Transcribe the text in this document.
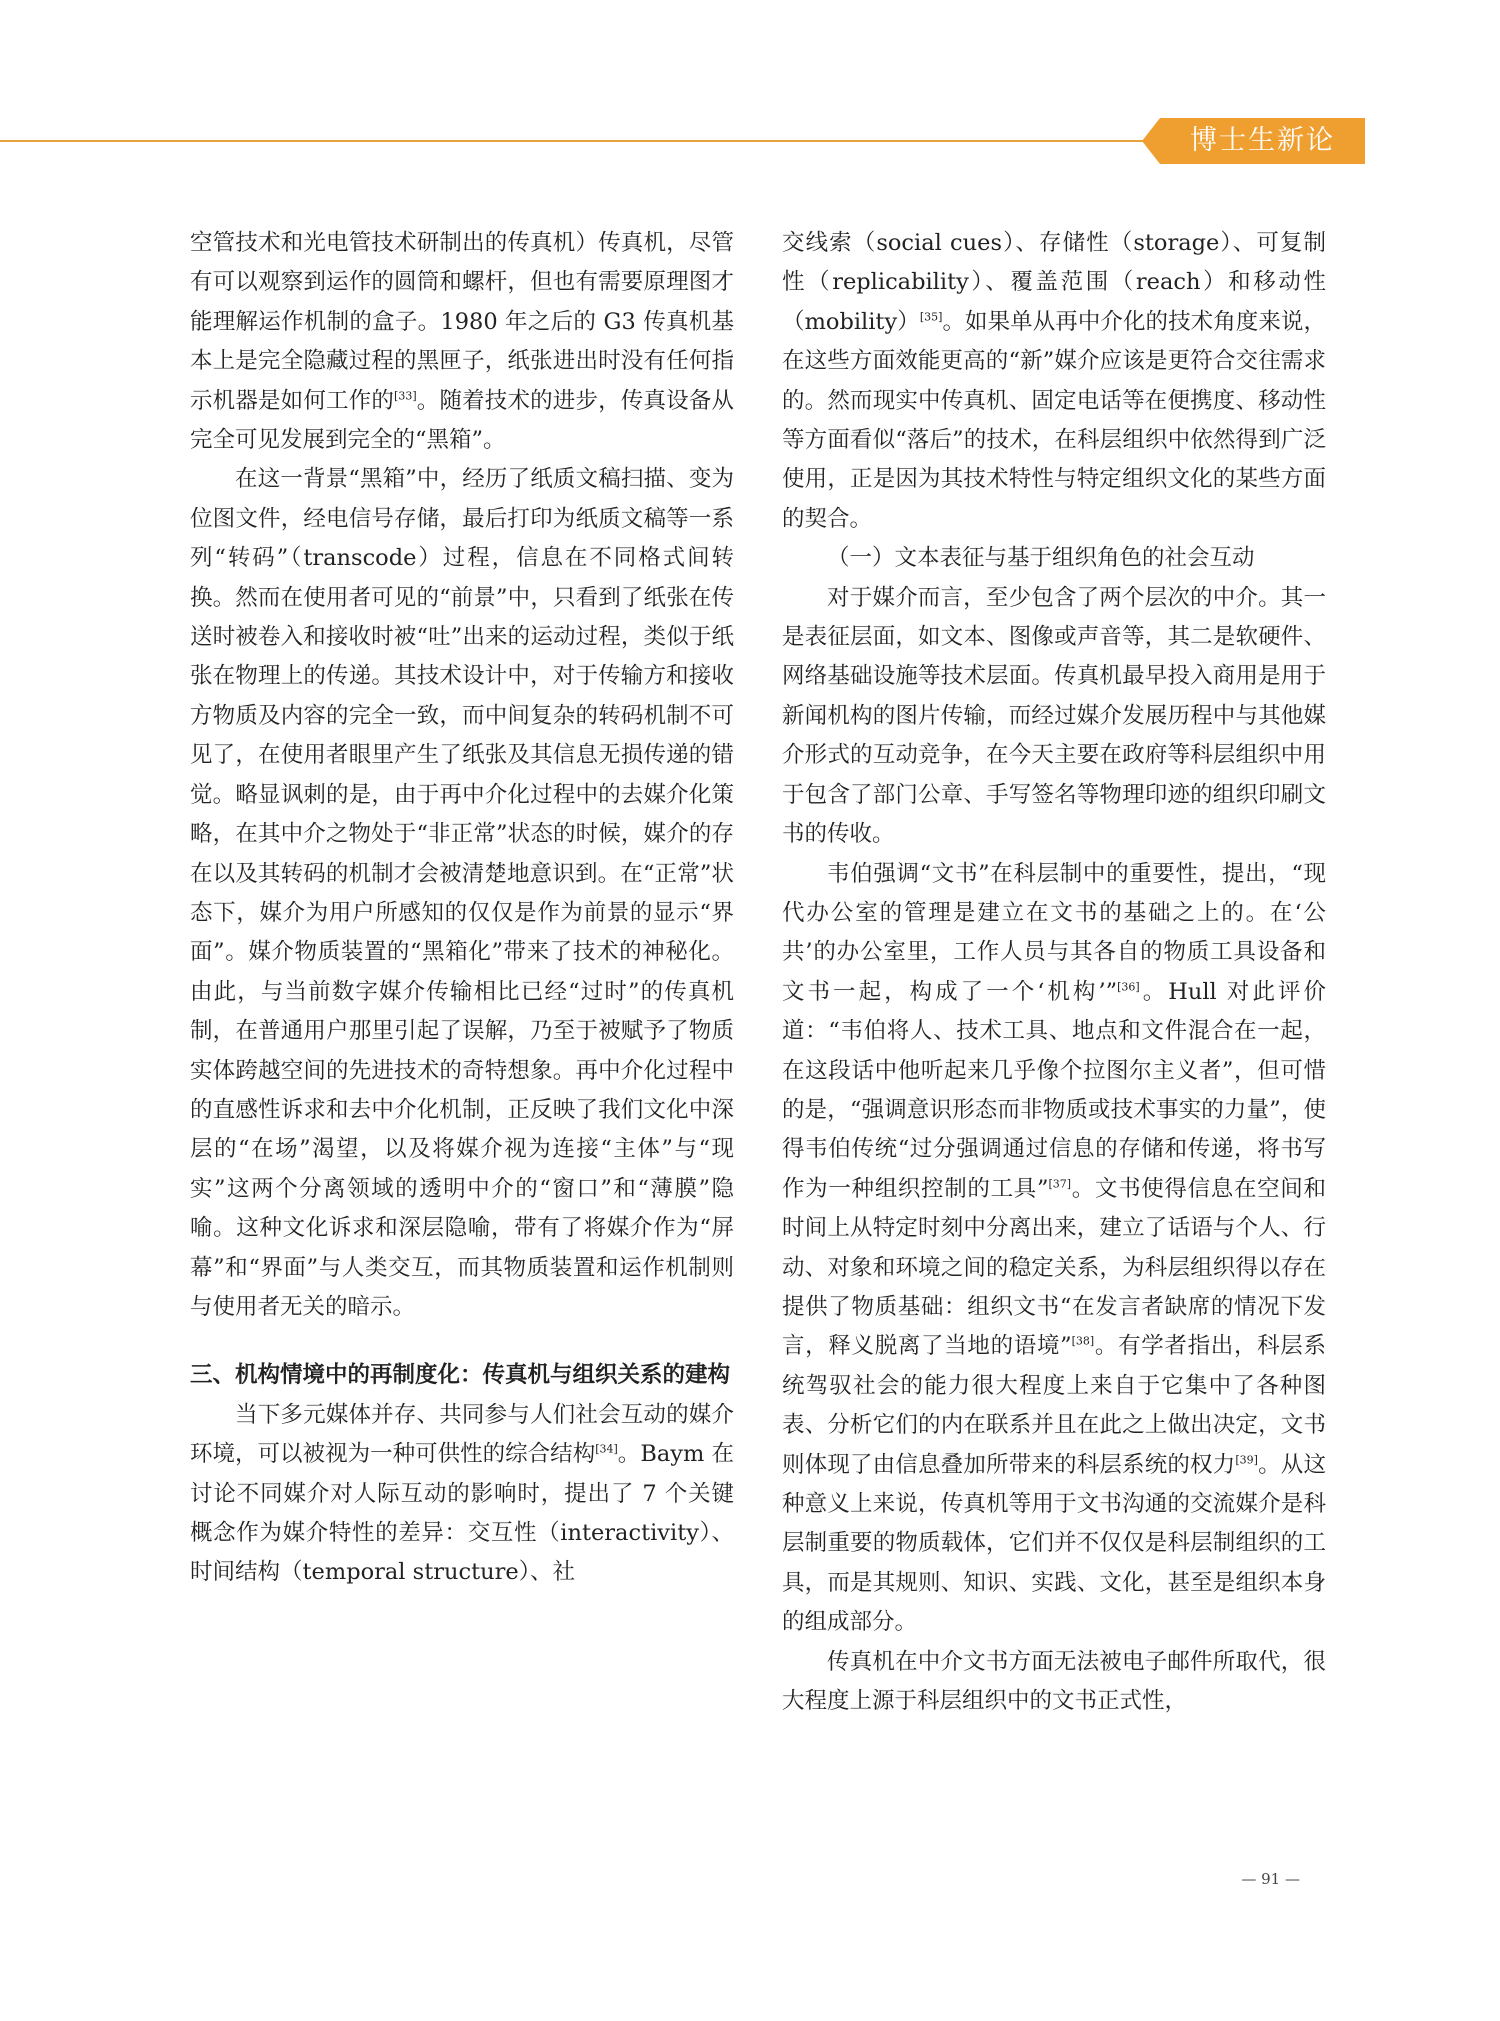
博士生新论

空管技术和光电管技术研制出的传真机）传真机，尽管有可以观察到运作的圆筒和螺杆，但也有需要原理图才能理解运作机制的盒子。1980 年之后的 G3 传真机基本上是完全隐藏过程的黑匣子，纸张进出时没有任何指示机器是如何工作的[33]。随着技术的进步，传真设备从完全可见发展到完全的“黑箱”。

在这一背景“黑箱”中，经历了纸质文稿扫描、变为位图文件，经电信号存储，最后打印为纸质文稿等一系列“转码”（transcode）过程，信息在不同格式间转换。然而在使用者可见的“前景”中，只看到了纸张在传送时被卷入和接收时被“吐”出来的运动过程，类似于纸张在物理上的传递。其技术设计中，对于传输方和接收方物质及内容的完全一致，而中间复杂的转码机制不可见了，在使用者眼里产生了纸张及其信息无损传递的错觉。略显讽刺的是，由于再中介化过程中的去媒介化策略，在其中介之物处于“非正常”状态的时候，媒介的存在以及其转码的机制才会被清楚地意识到。在“正常”状态下，媒介为用户所感知的仅仅是作为前景的显示“界面”。媒介物质装置的“黑箱化”带来了技术的神秘化。由此，与当前数字媒介传输相比已经“过时”的传真机制，在普通用户那里引起了误解，乃至于被赋予了物质实体跨越空间的先进技术的奇特想象。再中介化过程中的直感性诉求和去中介化机制，正反映了我们文化中深层的“在场”渴望，以及将媒介视为连接“主体”与“现实”这两个分离领域的透明中介的“窗口”和“薄膜”隐喻。这种文化诉求和深层隐喻，带有了将媒介作为“屏幕”和“界面”与人类交互，而其物质装置和运作机制则与使用者无关的暗示。

三、机构情境中的再制度化：传真机与组织关系的建构

当下多元媒体并存、共同参与人们社会互动的媒介环境，可以被视为一种可供性的综合结构[34]。Baym 在讨论不同媒介对人际互动的影响时，提出了 7 个关键概念作为媒介特性的差异：交互性（interactivity）、时间结构（temporal structure）、社

交线索（social cues）、存储性（storage）、可复制性（replicability）、覆盖范围（reach）和移动性（mobility）[35]。如果单从再中介化的技术角度来说，在这些方面效能更高的“新”媒介应该是更符合交往需求的。然而现实中传真机、固定电话等在便携度、移动性等方面看似“落后”的技术，在科层组织中依然得到广泛使用，正是因为其技术特性与特定组织文化的某些方面的契合。

（一）文本表征与基于组织角色的社会互动

对于媒介而言，至少包含了两个层次的中介。其一是表征层面，如文本、图像或声音等，其二是软硬件、网络基础设施等技术层面。传真机最早投入商用是用于新闻机构的图片传输，而经过媒介发展历程中与其他媒介形式的互动竞争，在今天主要在政府等科层组织中用于包含了部门公章、手写签名等物理印迹的组织印刷文书的传收。

韦伯强调“文书”在科层制中的重要性，提出，“现代办公室的管理是建立在文书的基础之上的。在‘公共’的办公室里，工作人员与其各自的物质工具设备和文书一起，构成了一个‘机构’”[36]。Hull 对此评价道：“韦伯将人、技术工具、地点和文件混合在一起，在这段话中他听起来几乎像个拉图尔主义者”，但可惜的是，“强调意识形态而非物质或技术事实的力量”，使得韦伯传统“过分强调通过信息的存储和传递，将书写作为一种组织控制的工具”[37]。文书使得信息在空间和时间上从特定时刻中分离出来，建立了话语与个人、行动、对象和环境之间的稳定关系，为科层组织得以存在提供了物质基础：组织文书“在发言者缺席的情况下发言，释义脱离了当地的语境”[38]。有学者指出，科层系统驾驭社会的能力很大程度上来自于它集中了各种图表、分析它们的内在联系并且在此之上做出决定，文书则体现了由信息叠加所带来的科层系统的权力[39]。从这种意义上来说，传真机等用于文书沟通的交流媒介是科层制重要的物质载体，它们并不仅仅是科层制组织的工具，而是其规则、知识、实践、文化，甚至是组织本身的组成部分。

传真机在中介文书方面无法被电子邮件所取代，很大程度上源于科层组织中的文书正式性，

— 91 —
